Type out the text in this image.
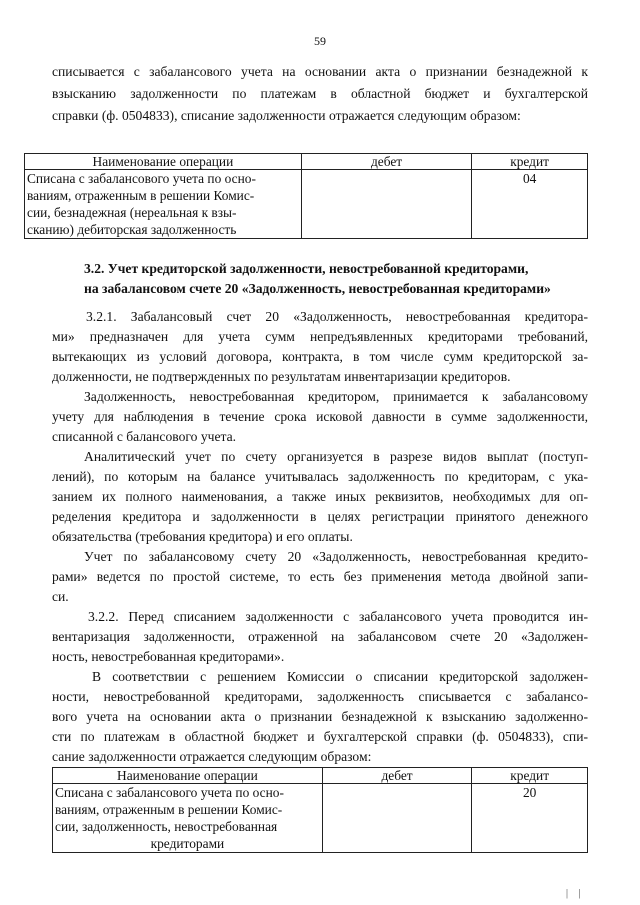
59
списывается с забалансового учета на основании акта о признании безнадежной к
взысканию задолженности по платежам в областной бюджет и бухгалтерской
справки (ф. 0504833), списание задолженности отражается следующим образом:
Наименование операции	дебет	кредит

Списана с забалансового учета по осно-
ваниям, отраженным в решении Комис-
сии, безнадежная (нереальная к взы-
сканию) дебиторская задолженность		04
3.2. Учет кредиторской задолженности, невостребованной кредиторами,
на забалансовом счете 20 «Задолженность, невостребованная кредиторами»
3.2.1. Забалансовый счет 20 «Задолженность, невостребованная кредитора-
ми» предназначен для учета сумм непредъявленных кредиторами требований,
вытекающих из условий договора, контракта, в том числе сумм кредиторской за-
долженности, не подтвержденных по результатам инвентаризации кредиторов.
Задолженность, невостребованная кредитором, принимается к забалансовому
учету для наблюдения в течение срока исковой давности в сумме задолженности,
списанной с балансового учета.
Аналитический учет по счету организуется в разрезе видов выплат (поступ-
лений), по которым на балансе учитывалась задолженность по кредиторам, с ука-
занием их полного наименования, а также иных реквизитов, необходимых для оп-
ределения кредитора и задолженности в целях регистрации принятого денежного
обязательства (требования кредитора) и его оплаты.
Учет по забалансовому счету 20 «Задолженность, невостребованная кредито-
рами» ведется по простой системе, то есть без применения метода двойной запи-
си.
3.2.2. Перед списанием задолженности с забалансового учета проводится ин-
вентаризация задолженности, отраженной на забалансовом счете 20 «Задолжен-
ность, невостребованная кредиторами».
В соответствии с решением Комиссии о списании кредиторской задолжен-
ности, невостребованной кредиторами, задолженность списывается с забалансо-
вого учета на основании акта о признании безнадежной к взысканию задолженно-
сти по платежам в областной бюджет и бухгалтерской справки (ф. 0504833), спи-
сание задолженности отражается следующим образом:
Наименование операции	дебет	кредит

Списана с забалансового учета по осно-
ваниям, отраженным в решении Комис-
сии, задолженность, невостребованная
кредиторами		20
| |
